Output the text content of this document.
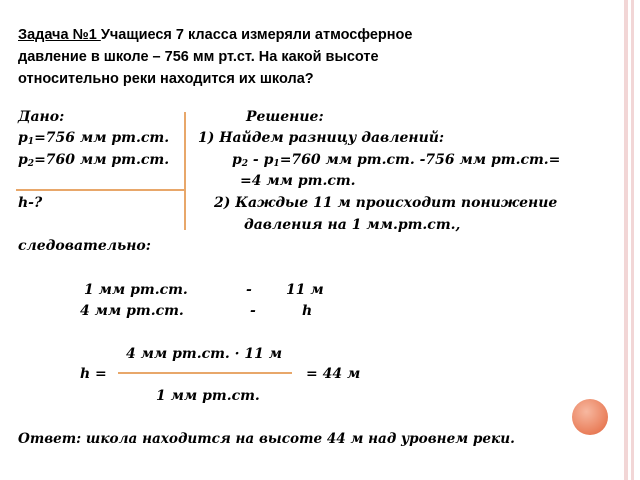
Задача №1 Учащиеся 7 класса измеряли атмосферное
давление в школе – 756 мм рт.ст. На какой высоте
относительно реки находится их школа?
Дано:
$p_1=756$ мм рт.ст.
$p_2=760$ мм рт.ст.
h-?
Решение:
1) Найдем разницу давлений:
$p_2 - p_1=760$ мм рт.ст. -756 мм рт.ст.=
=4 мм рт.ст.
2) Каждые 11 м происходит понижение
давления на 1 мм.рт.ст.,
следовательно:
1 мм рт.ст.	- 11 м
4 мм рт.ст.	-	h
4 мм рт.ст. · 11 м
h =	= 44 м
1 мм рт.ст.
Ответ: школа находится на высоте 44 м над уровнем реки.
